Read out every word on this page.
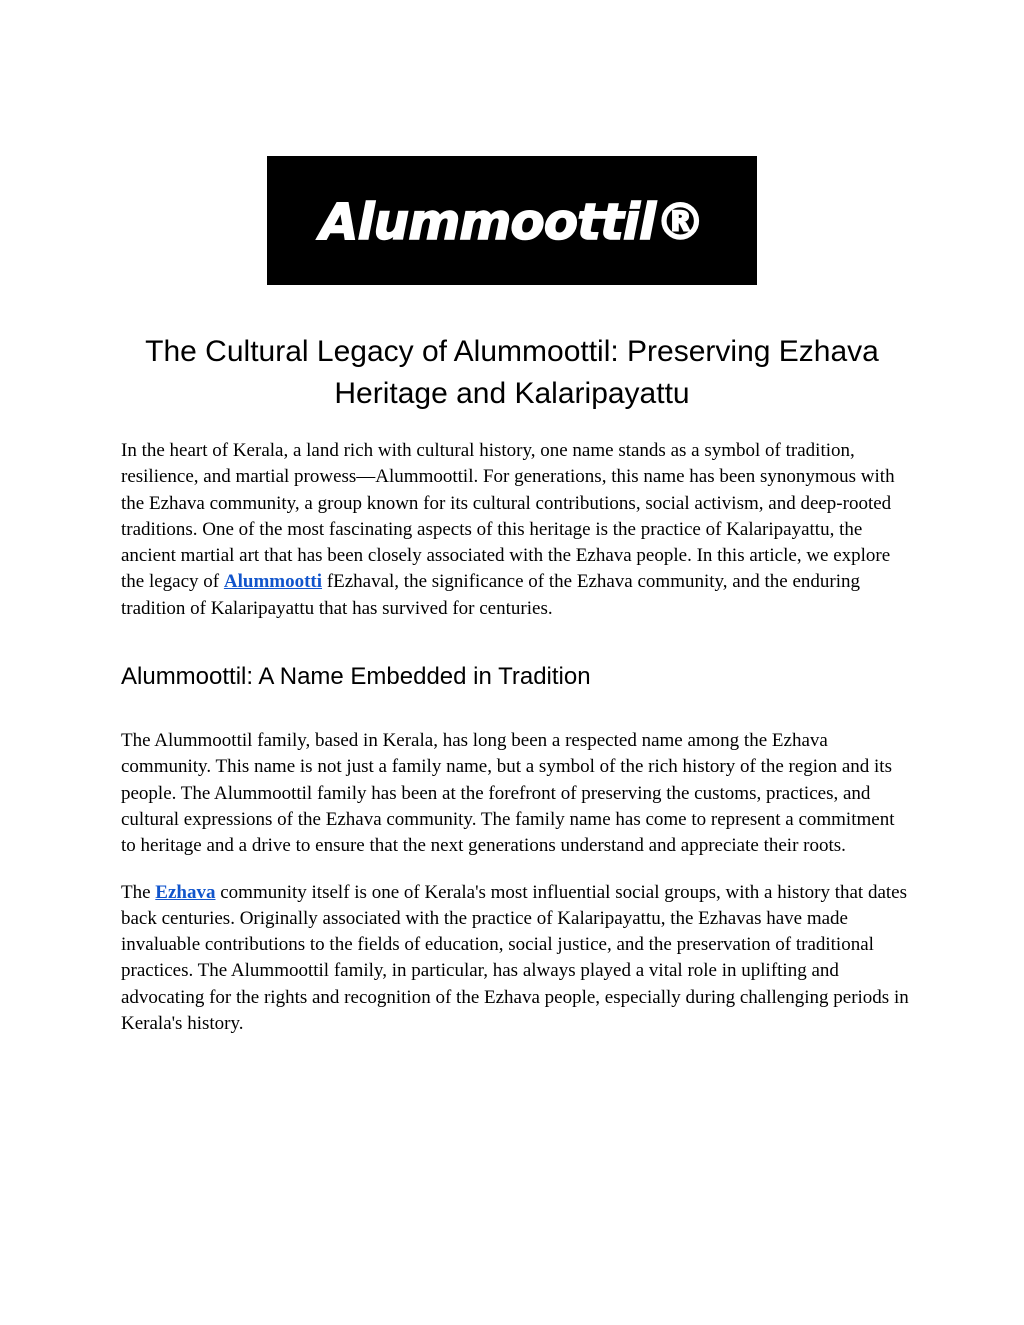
Alummoottil®
The Cultural Legacy of Alummoottil: Preserving Ezhava Heritage and Kalaripayattu

In the heart of Kerala, a land rich with cultural history, one name stands as a symbol of tradition, resilience, and martial prowess—Alummoottil. For generations, this name has been synonymous with the Ezhava community, a group known for its cultural contributions, social activism, and deep-rooted traditions. One of the most fascinating aspects of this heritage is the practice of Kalaripayattu, the ancient martial art that has been closely associated with the Ezhava people. In this article, we explore the legacy of Alummootti fEzhaval, the significance of the Ezhava community, and the enduring tradition of Kalaripayattu that has survived for centuries.

Alummoottil: A Name Embedded in Tradition

The Alummoottil family, based in Kerala, has long been a respected name among the Ezhava community. This name is not just a family name, but a symbol of the rich history of the region and its people. The Alummoottil family has been at the forefront of preserving the customs, practices, and cultural expressions of the Ezhava community. The family name has come to represent a commitment to heritage and a drive to ensure that the next generations understand and appreciate their roots.

The Ezhava community itself is one of Kerala's most influential social groups, with a history that dates back centuries. Originally associated with the practice of Kalaripayattu, the Ezhavas have made invaluable contributions to the fields of education, social justice, and the preservation of traditional practices. The Alummoottil family, in particular, has always played a vital role in uplifting and advocating for the rights and recognition of the Ezhava people, especially during challenging periods in Kerala's history.
